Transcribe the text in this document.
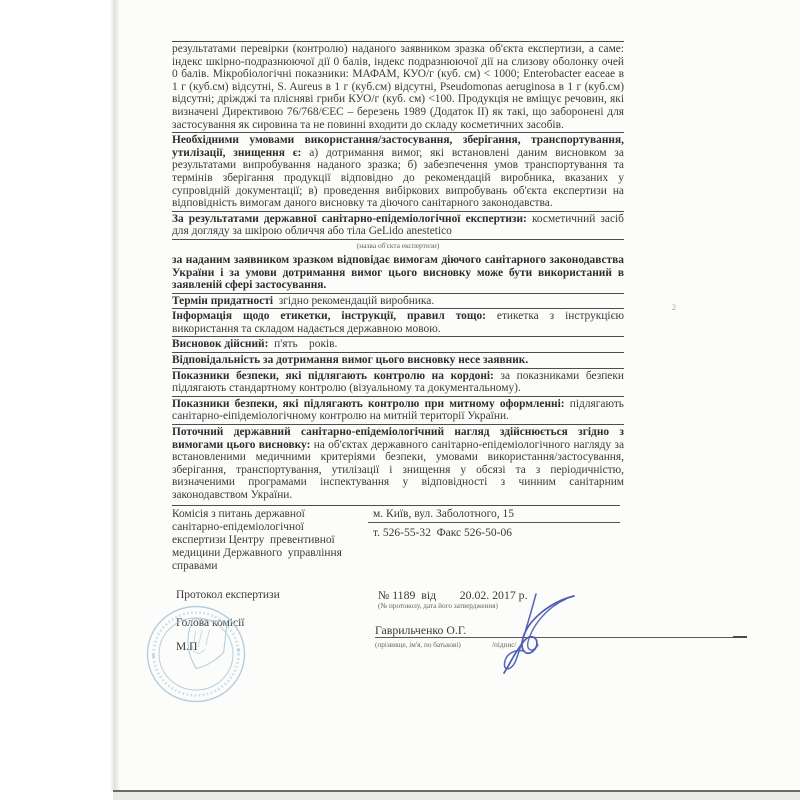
результатами перевірки (контролю) наданого заявником зразка об'єкта експертизи, а саме: індекс шкірно-подразнюючої дії 0 балів, індекс подразнюючої дії на слизову оболонку очей 0 балів. Мікробіологічні показники: МАФАМ, КУО/г (куб. см) < 1000; Enterobacter eaceae в 1 г (куб.см) відсутні, S. Aureus в 1 г (куб.см) відсутні, Pseudomonas aeruginosa в 1 г (куб.см) відсутні; дріжджі та плісняві гриби КУО/г (куб. см) <100. Продукція не вміщує речовин, які визначені Директивою 76/768/ЄЕС – березень 1989 (Додаток II) як такі, що заборонені для застосування як сировина та не повинні входити до складу косметичних засобів.
Необхідними умовами використання/застосування, зберігання, транспортування, утилізації, знищення є: а) дотримання вимог, які встановлені даним висновком за результатами випробування наданого зразка; б) забезпечення умов транспортування та термінів зберігання продукції відповідно до рекомендацій виробника, вказаних у супровідній документації; в) проведення вибіркових випробувань об'єкта експертизи на відповідність вимогам даного висновку та діючого санітарного законодавства.
За результатами державної санітарно-епідеміологічної експертизи: косметичний засіб для догляду за шкірою обличчя або тіла GeLido anestetico
(назва об'єкта експертизи)
за наданим заявником зразком відповідає вимогам діючого санітарного законодавства України і за умови дотримання вимог цього висновку може бути використаний в заявленій сфері застосування.
Термін придатності  згідно рекомендацій виробника.
Інформація щодо етикетки, інструкції, правил тощо: етикетка з інструкцією використання та складом надається державною мовою.
Висновок дійсний:  п'ять    років.
Відповідальність за дотримання вимог цього висновку несе заявник.
Показники безпеки, які підлягають контролю на кордоні: за показниками безпеки підлягають стандартному контролю (візуальному та документальному).
Показники безпеки, які підлягають контролю при митному оформленні: підлягають санітарно-еіпідеміологічному контролю на митній території України.
Поточний державний санітарно-епідеміологічний нагляд здійснюється згідно з вимогами цього висновку: на об'єктах державного санітарно-епідеміологічного нагляду за встановленими медичними критеріями безпеки, умовами використання/застосування, зберігання, транспортування, утилізації і знищення у обсязі та з періодичністю, визначеними програмами інспектування у відповідності з чинним санітарним законодавством України.
2
Комісія з питань державної
санітарно-епідеміологічної
експертизи Центру  превентивної
медицини Державного  управління
справами
м. Київ, вул. Заболотного, 15
т. 526-55-32  Факс 526-50-06
Протокол експертизи	№ 1189  від        20.02. 2017 р.
(№ протоколу, дата його затвердження)
Голова комісії	Гаврильченко О.Г.
(прізвище, ім'я, по батькові)	/підпис/
М.П
